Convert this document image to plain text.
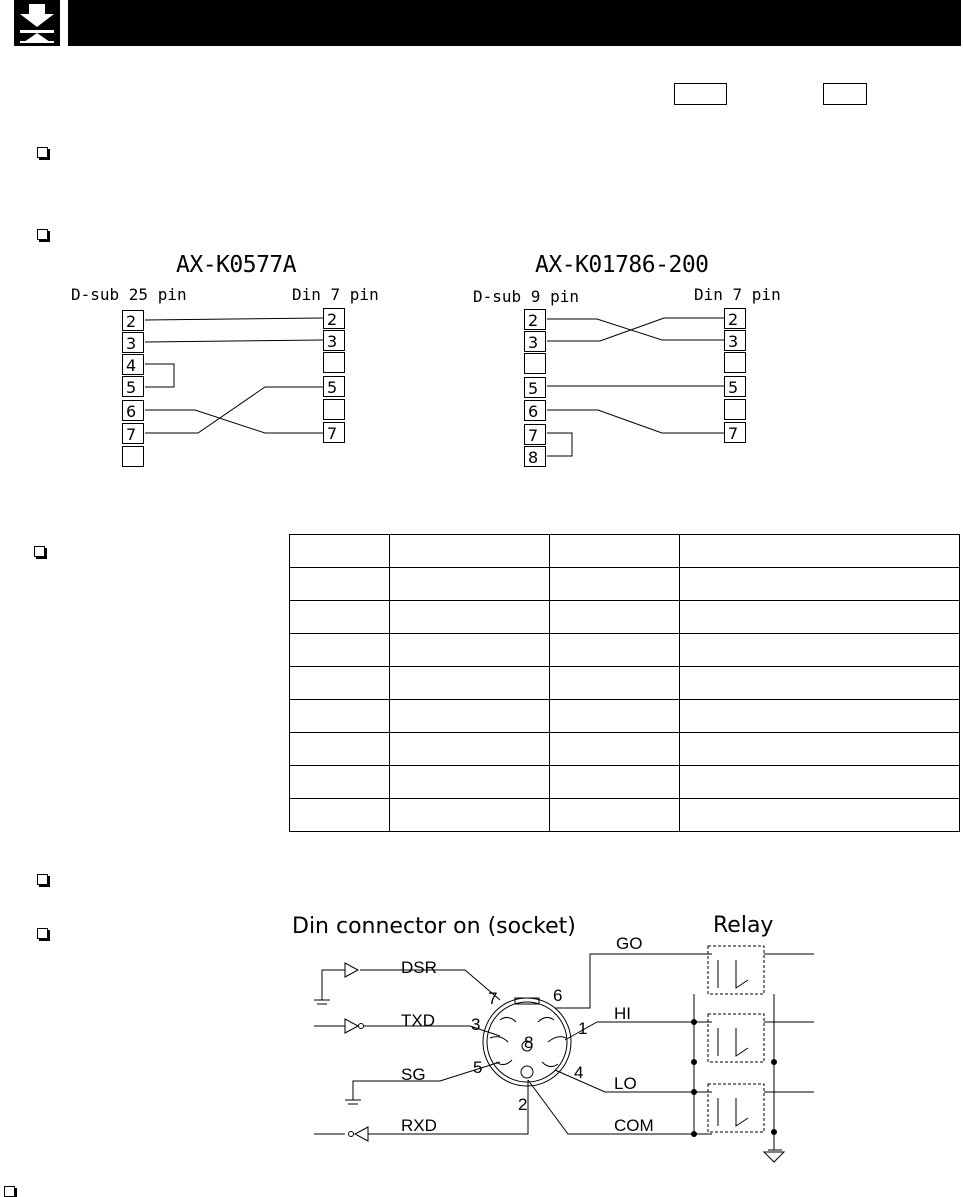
AX-K0577A
D-sub 25 pin	Din 7 pin
2
3
4
5
6
7
2
3
5
7
AX-K01786-200
D-sub 9 pin	Din 7 pin
2
3
5
6
7
8
2
3
5
7

Din connector on (socket)	Relay
DSR
TXD
SG
RXD
GO
HI
LO
COM
7	6
3	1
8
5	4
2
